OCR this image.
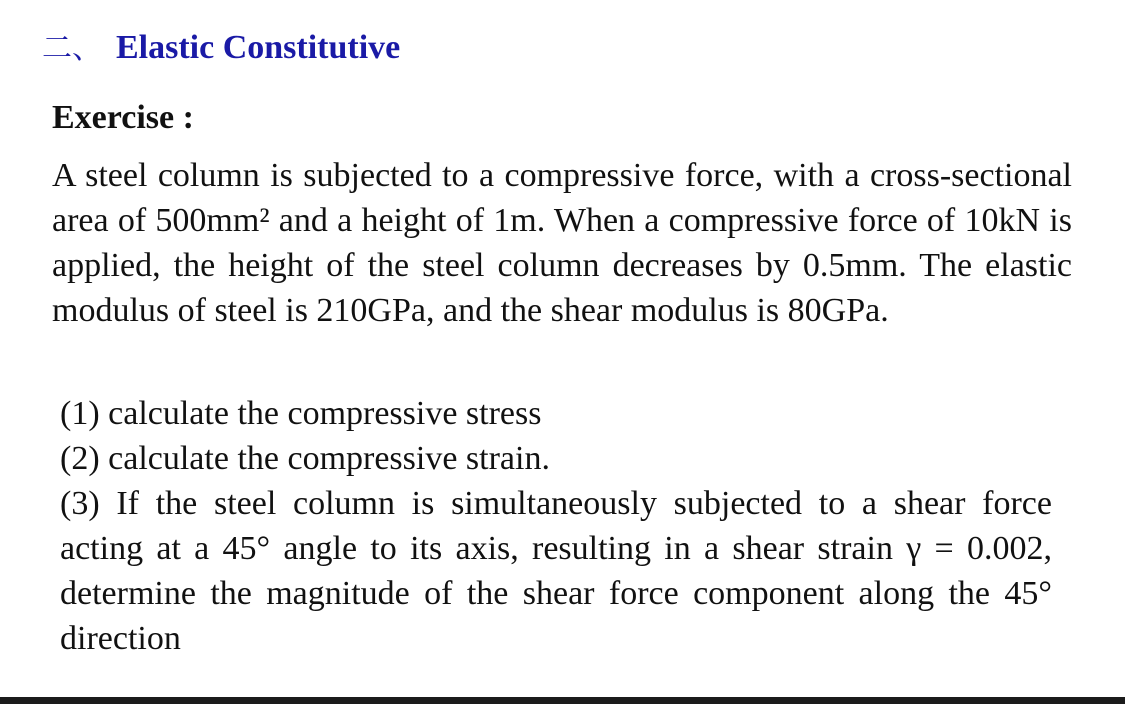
二、 Elastic Constitutive
Exercise :
A steel column is subjected to a compressive force, with a cross-sectional area of 500mm² and a height of 1m. When a compressive force of 10kN is applied, the height of the steel column decreases by 0.5mm. The elastic modulus of steel is 210GPa, and the shear modulus is 80GPa.
(1) calculate the compressive stress
(2) calculate the compressive strain.
(3) If the steel column is simultaneously subjected to a shear force acting at a 45° angle to its axis, resulting in a shear strain γ = 0.002, determine the magnitude of the shear force component along the 45° direction
